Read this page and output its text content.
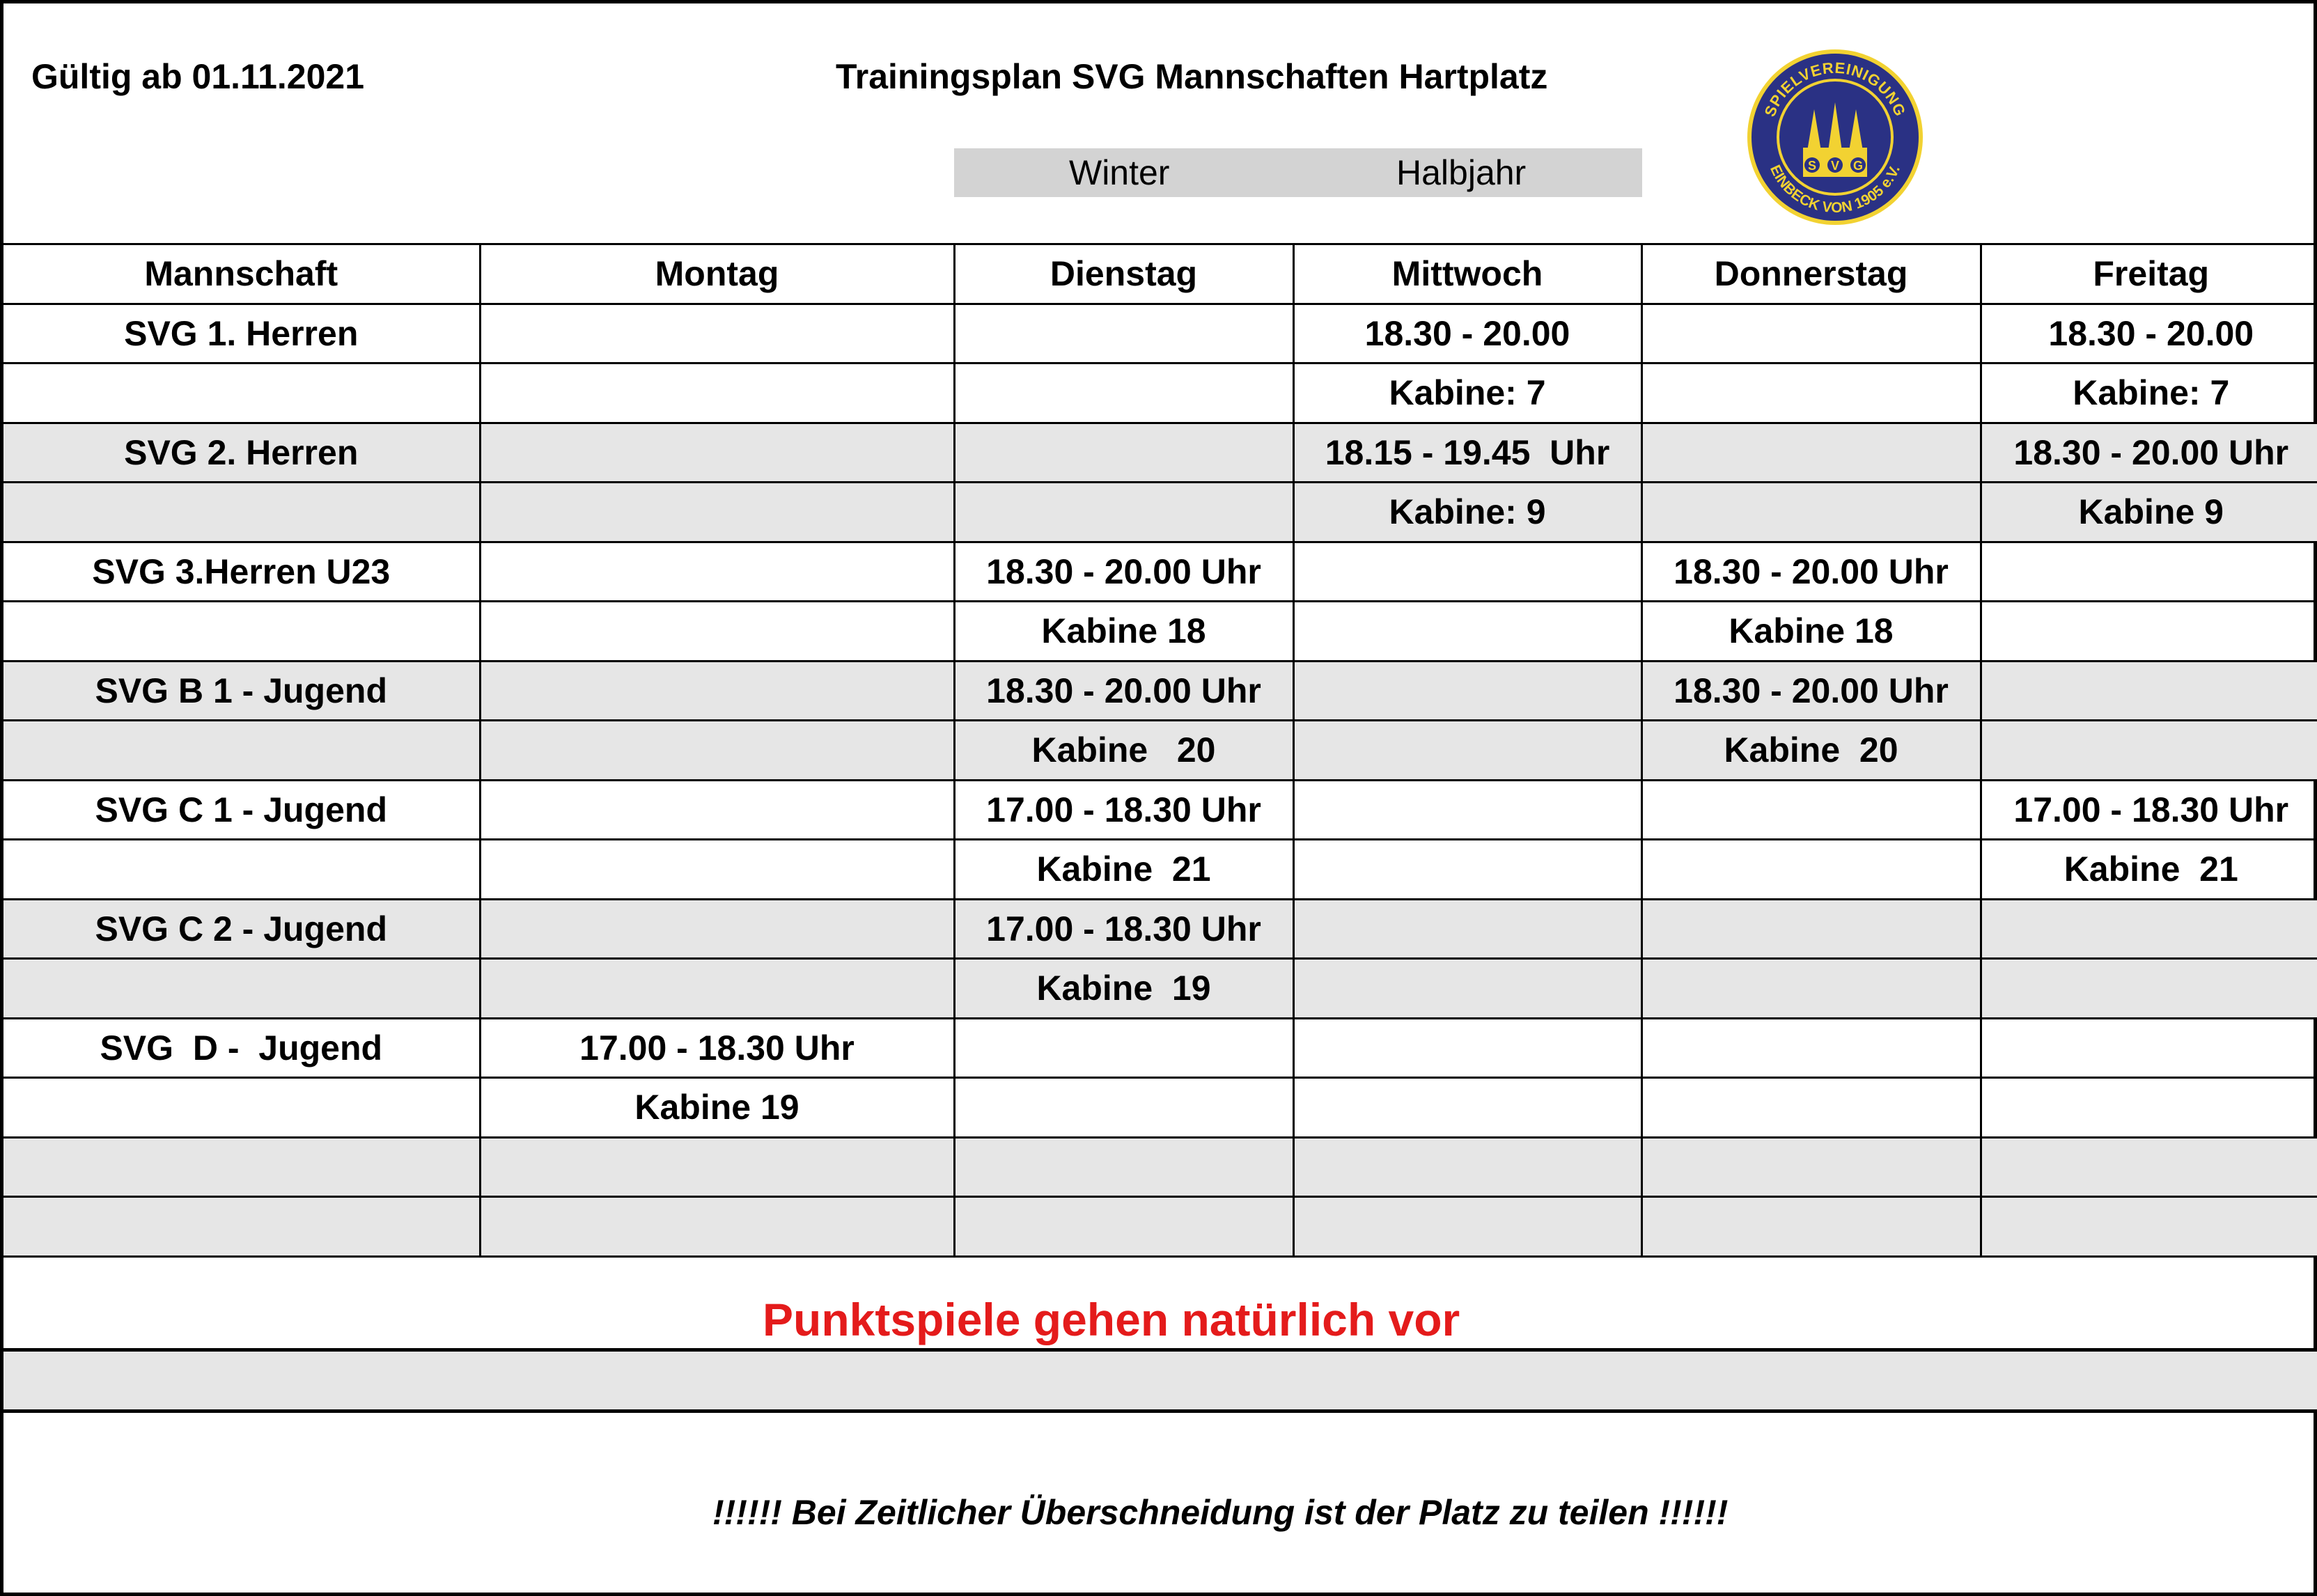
Gültig ab 01.11.2021	Trainingsplan SVG Mannschaften Hartplatz
Winter	Halbjahr
SPIELVEREINIGUNG
EINBECK VON 1905 e.V.
S V G
Mannschaft	Montag	Dienstag	Mittwoch	Donnerstag	Freitag
SVG 1. Herren			18.30 - 20.00		18.30 - 20.00
			Kabine: 7		Kabine: 7
SVG 2. Herren			18.15 - 19.45  Uhr		18.30 - 20.00 Uhr
			Kabine: 9		Kabine 9
SVG 3.Herren U23		18.30 - 20.00 Uhr		18.30 - 20.00 Uhr	
		Kabine 18		Kabine 18	
SVG B 1 - Jugend		18.30 - 20.00 Uhr		18.30 - 20.00 Uhr	
		Kabine   20		Kabine  20	
SVG C 1 - Jugend		17.00 - 18.30 Uhr			17.00 - 18.30 Uhr
		Kabine  21			Kabine  21
SVG C 2 - Jugend		17.00 - 18.30 Uhr			
		Kabine  19			
SVG  D -  Jugend	17.00 - 18.30 Uhr				
	Kabine 19				

Punktspiele gehen natürlich vor
!!!!!! Bei Zeitlicher Überschneidung ist der Platz zu teilen !!!!!!
